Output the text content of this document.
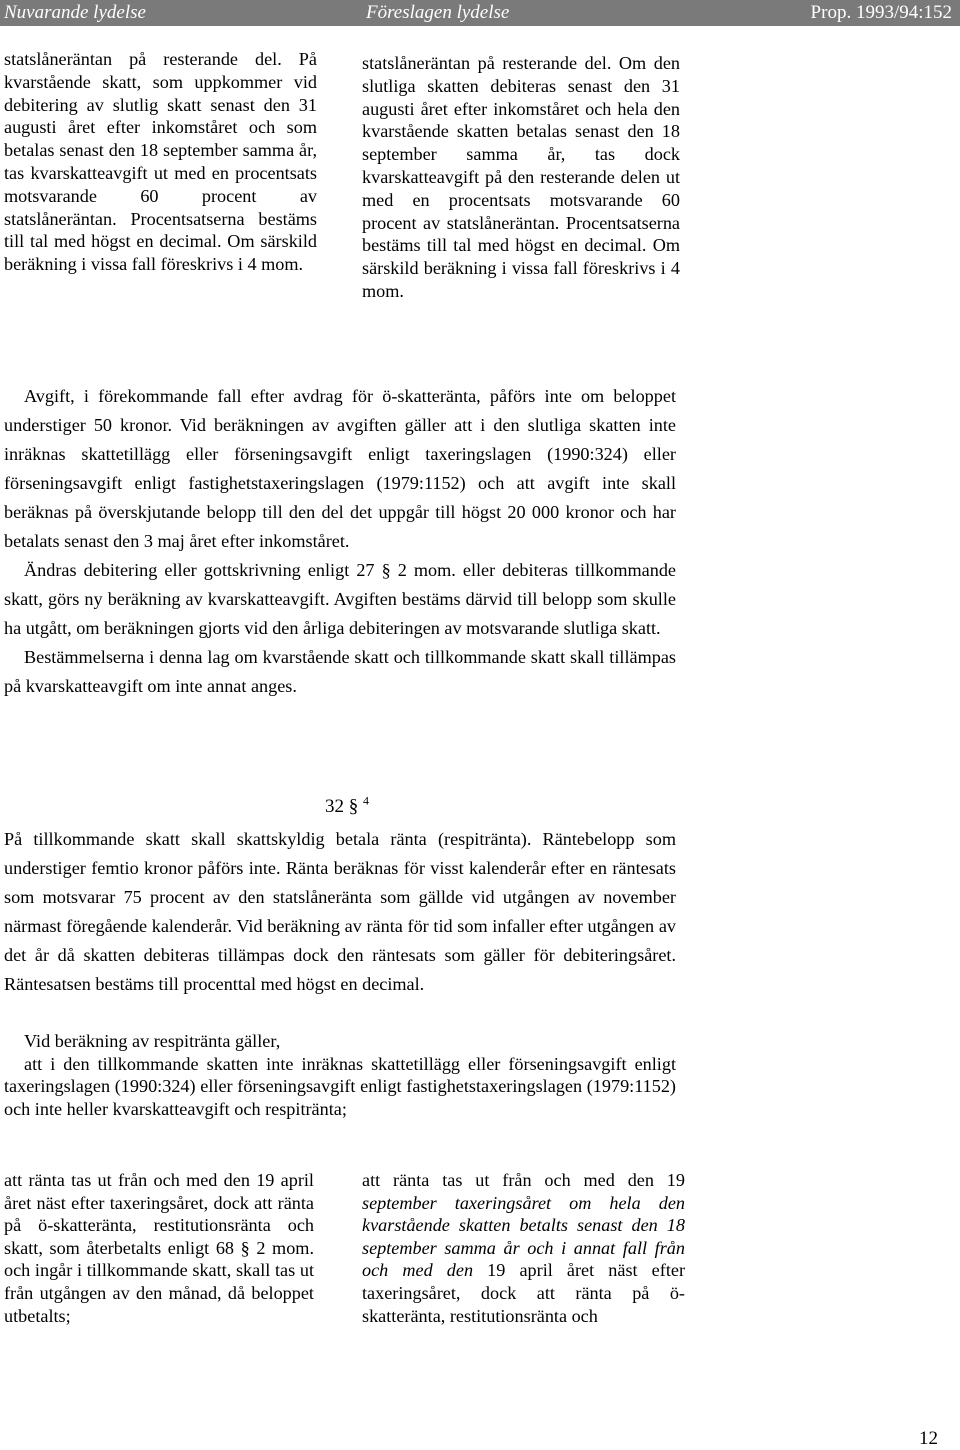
Nuvarande lydelse	Föreslagen lydelse	Prop. 1993/94:152

statslåneräntan på resterande del. På kvarstående skatt, som uppkommer vid debitering av slutlig skatt senast den 31 augusti året efter inkomståret och som betalas senast den 18 september samma år, tas kvarskatteavgift ut med en procentsats motsvarande 60 procent av statslåneräntan. Procentsatserna bestäms till tal med högst en decimal. Om särskild beräkning i vissa fall föreskrivs i 4 mom.

statslåneräntan på resterande del. Om den slutliga skatten debiteras senast den 31 augusti året efter inkomståret och hela den kvarstående skatten betalas senast den 18 september samma år, tas dock kvarskatteavgift på den resterande delen ut med en procentsats motsvarande 60 procent av statslåneräntan. Procentsatserna bestäms till tal med högst en decimal. Om särskild beräkning i vissa fall föreskrivs i 4 mom.

Avgift, i förekommande fall efter avdrag för ö-skatteränta, påförs inte om beloppet understiger 50 kronor. Vid beräkningen av avgiften gäller att i den slutliga skatten inte inräknas skattetillägg eller förseningsavgift enligt taxeringslagen (1990:324) eller förseningsavgift enligt fastighetstaxeringslagen (1979:1152) och att avgift inte skall beräknas på överskjutande belopp till den del det uppgår till högst 20 000 kronor och har betalats senast den 3 maj året efter inkomståret.

Ändras debitering eller gottskrivning enligt 27 § 2 mom. eller debiteras tillkommande skatt, görs ny beräkning av kvarskatteavgift. Avgiften bestäms därvid till belopp som skulle ha utgått, om beräkningen gjorts vid den årliga debiteringen av motsvarande slutliga skatt.

Bestämmelserna i denna lag om kvarstående skatt och tillkommande skatt skall tillämpas på kvarskatteavgift om inte annat anges.

32 § $^4$

På tillkommande skatt skall skattskyldig betala ränta (respitränta). Räntebelopp som understiger femtio kronor påförs inte. Ränta beräknas för visst kalenderår efter en räntesats som motsvarar 75 procent av den statslåneränta som gällde vid utgången av november närmast föregående kalenderår. Vid beräkning av ränta för tid som infaller efter utgången av det år då skatten debiteras tillämpas dock den räntesats som gäller för debiteringsåret. Räntesatsen bestäms till procenttal med högst en decimal.

Vid beräkning av respitränta gäller,

att i den tillkommande skatten inte inräknas skattetillägg eller förseningsavgift enligt taxeringslagen (1990:324) eller förseningsavgift enligt fastighetstaxeringslagen (1979:1152) och inte heller kvarskatteavgift och respitränta;

att ränta tas ut från och med den 19 april året näst efter taxeringsåret, dock att ränta på ö-skatteränta, restitutionsränta och skatt, som återbetalts enligt 68 § 2 mom. och ingår i tillkommande skatt, skall tas ut från utgången av den månad, då beloppet utbetalts;

att ränta tas ut från och med den 19 september taxeringsåret om hela den kvarstående skatten betalts senast den 18 september samma år och i annat fall från och med den 19 april året näst efter taxeringsåret, dock att ränta på ö-skatteränta, restitutionsränta och

12
